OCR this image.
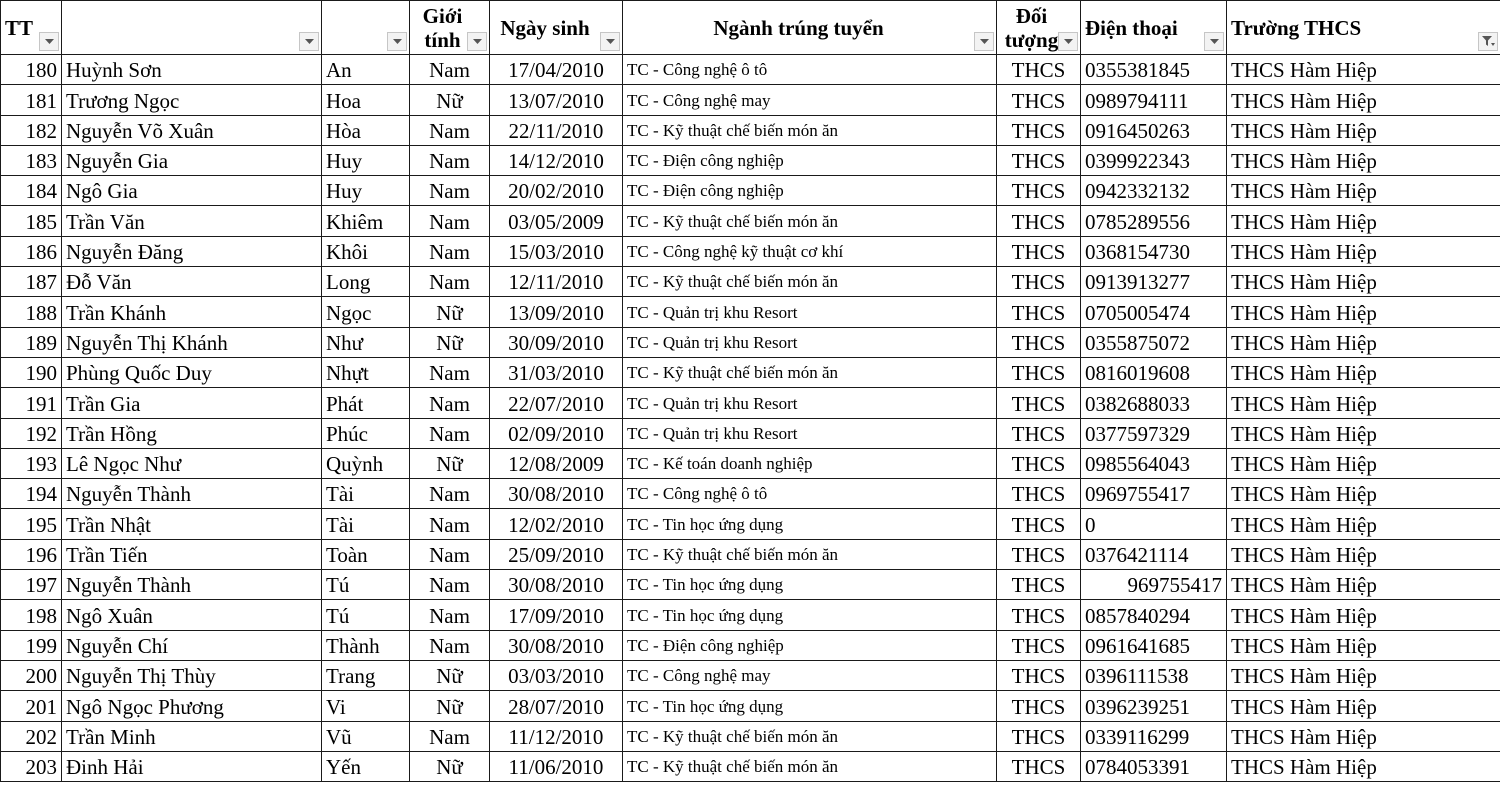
TT			Giới tính	Ngày sinh	Ngành trúng tuyển	Đối tượng	Điện thoại	Trường THCS

180	Huỳnh Sơn	An	Nam	17/04/2010	TC - Công nghệ ô tô	THCS	0355381845	THCS Hàm Hiệp
181	Trương Ngọc	Hoa	Nữ	13/07/2010	TC - Công nghệ may	THCS	0989794111	THCS Hàm Hiệp
182	Nguyễn Võ Xuân	Hòa	Nam	22/11/2010	TC - Kỹ thuật chế biến món ăn	THCS	0916450263	THCS Hàm Hiệp
183	Nguyễn Gia	Huy	Nam	14/12/2010	TC - Điện công nghiệp	THCS	0399922343	THCS Hàm Hiệp
184	Ngô Gia	Huy	Nam	20/02/2010	TC - Điện công nghiệp	THCS	0942332132	THCS Hàm Hiệp
185	Trần Văn	Khiêm	Nam	03/05/2009	TC - Kỹ thuật chế biến món ăn	THCS	0785289556	THCS Hàm Hiệp
186	Nguyễn Đăng	Khôi	Nam	15/03/2010	TC - Công nghệ kỹ thuật cơ khí	THCS	0368154730	THCS Hàm Hiệp
187	Đỗ Văn	Long	Nam	12/11/2010	TC - Kỹ thuật chế biến món ăn	THCS	0913913277	THCS Hàm Hiệp
188	Trần Khánh	Ngọc	Nữ	13/09/2010	TC - Quản trị khu Resort	THCS	0705005474	THCS Hàm Hiệp
189	Nguyễn Thị Khánh	Như	Nữ	30/09/2010	TC - Quản trị khu Resort	THCS	0355875072	THCS Hàm Hiệp
190	Phùng Quốc Duy	Nhựt	Nam	31/03/2010	TC - Kỹ thuật chế biến món ăn	THCS	0816019608	THCS Hàm Hiệp
191	Trần Gia	Phát	Nam	22/07/2010	TC - Quản trị khu Resort	THCS	0382688033	THCS Hàm Hiệp
192	Trần Hồng	Phúc	Nam	02/09/2010	TC - Quản trị khu Resort	THCS	0377597329	THCS Hàm Hiệp
193	Lê Ngọc Như	Quỳnh	Nữ	12/08/2009	TC - Kế toán doanh nghiệp	THCS	0985564043	THCS Hàm Hiệp
194	Nguyễn Thành	Tài	Nam	30/08/2010	TC - Công nghệ ô tô	THCS	0969755417	THCS Hàm Hiệp
195	Trần Nhật	Tài	Nam	12/02/2010	TC - Tin học ứng dụng	THCS	0	THCS Hàm Hiệp
196	Trần Tiến	Toàn	Nam	25/09/2010	TC - Kỹ thuật chế biến món ăn	THCS	0376421114	THCS Hàm Hiệp
197	Nguyễn Thành	Tú	Nam	30/08/2010	TC - Tin học ứng dụng	THCS	969755417	THCS Hàm Hiệp
198	Ngô Xuân	Tú	Nam	17/09/2010	TC - Tin học ứng dụng	THCS	0857840294	THCS Hàm Hiệp
199	Nguyễn Chí	Thành	Nam	30/08/2010	TC - Điện công nghiệp	THCS	0961641685	THCS Hàm Hiệp
200	Nguyễn Thị Thùy	Trang	Nữ	03/03/2010	TC - Công nghệ may	THCS	0396111538	THCS Hàm Hiệp
201	Ngô Ngọc Phương	Vi	Nữ	28/07/2010	TC - Tin học ứng dụng	THCS	0396239251	THCS Hàm Hiệp
202	Trần Minh	Vũ	Nam	11/12/2010	TC - Kỹ thuật chế biến món ăn	THCS	0339116299	THCS Hàm Hiệp
203	Đinh Hải	Yến	Nữ	11/06/2010	TC - Kỹ thuật chế biến món ăn	THCS	0784053391	THCS Hàm Hiệp
